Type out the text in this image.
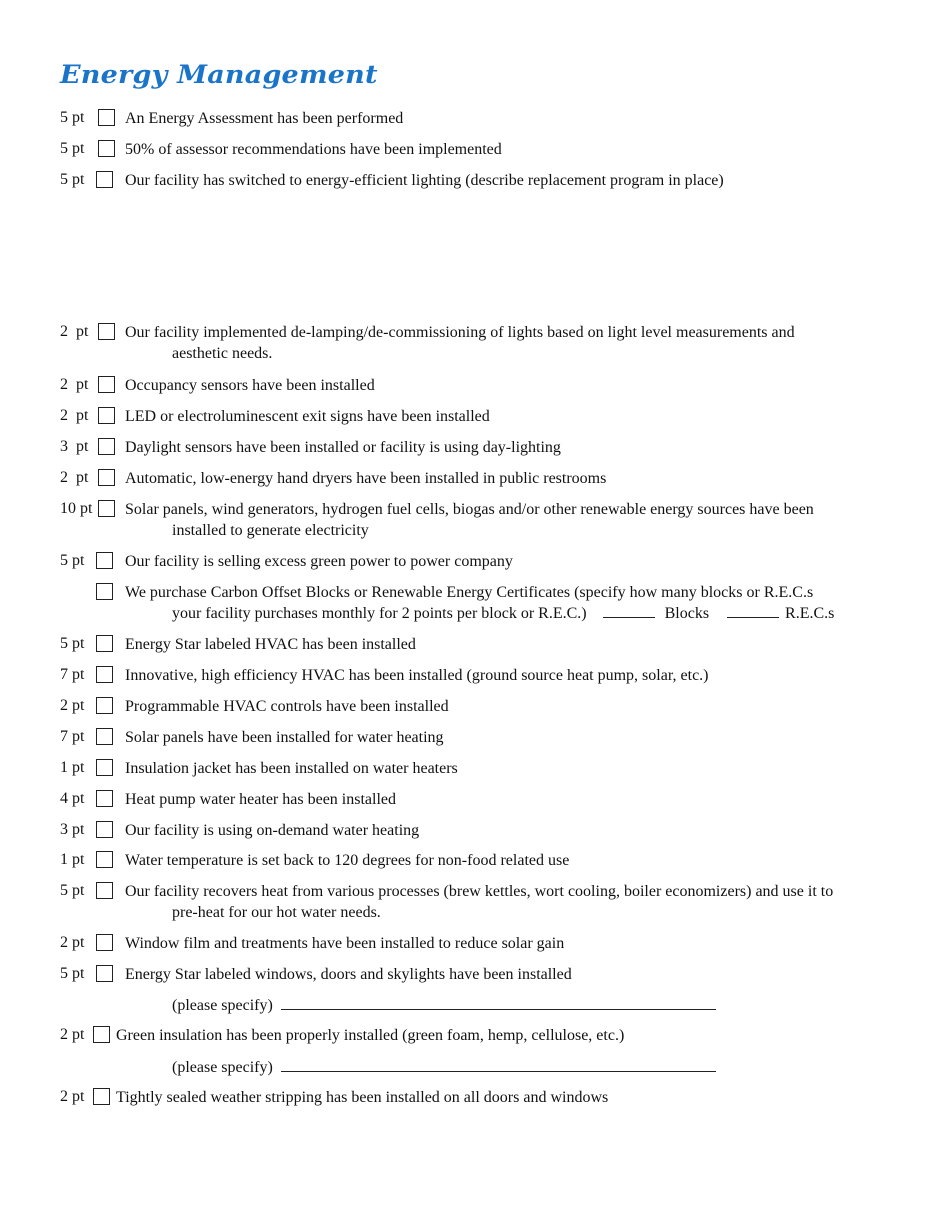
Energy Management
5 pt	An Energy Assessment has been performed
5 pt	50% of assessor recommendations have been implemented
5 pt	Our facility has switched to energy-efficient lighting (describe replacement program in place)
2  pt Our facility implemented de-lamping/de-commissioning of lights based on light level measurements and
aesthetic needs.
2  pt Occupancy sensors have been installed
2  pt LED or electroluminescent exit signs have been installed
3  pt Daylight sensors have been installed or facility is using day-lighting
2  pt Automatic, low-energy hand dryers have been installed in public restrooms
10 pt Solar panels, wind generators, hydrogen fuel cells, biogas and/or other renewable energy sources have been
installed to generate electricity
5 pt	Our facility is selling excess green power to power company
We purchase Carbon Offset Blocks or Renewable Energy Certificates (specify how many blocks or R.E.C.s
your facility purchases monthly for 2 points per block or R.E.C.)	Blocks	R.E.C.s
5 pt	Energy Star labeled HVAC has been installed
7 pt	Innovative, high efficiency HVAC has been installed (ground source heat pump, solar, etc.)
2 pt	Programmable HVAC controls have been installed
7 pt	Solar panels have been installed for water heating
1 pt	Insulation jacket has been installed on water heaters
4 pt	Heat pump water heater has been installed
3 pt	Our facility is using on-demand water heating
1 pt	Water temperature is set back to 120 degrees for non-food related use
5 pt	Our facility recovers heat from various processes (brew kettles, wort cooling, boiler economizers) and use it to
pre-heat for our hot water needs.
2 pt	Window film and treatments have been installed to reduce solar gain
5 pt	Energy Star labeled windows, doors and skylights have been installed
(please specify)
2 pt Green insulation has been properly installed (green foam, hemp, cellulose, etc.)
(please specify)
2 pt Tightly sealed weather stripping has been installed on all doors and windows
